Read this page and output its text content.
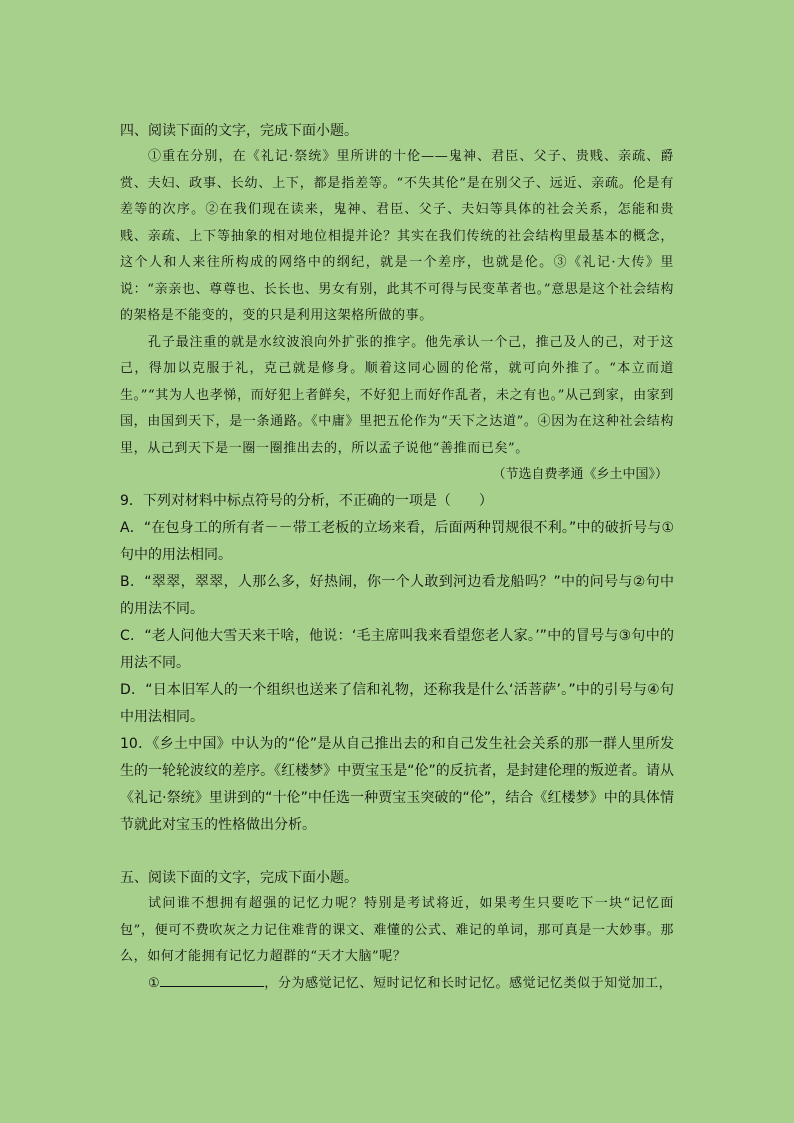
四、阅读下面的文字，完成下面小题。

①重在分别，在《礼记·祭统》里所讲的十伦——鬼神、君臣、父子、贵贱、亲疏、爵赏、夫妇、政事、长幼、上下，都是指差等。“不失其伦”是在别父子、远近、亲疏。伦是有差等的次序。②在我们现在读来，鬼神、君臣、父子、夫妇等具体的社会关系，怎能和贵贱、亲疏、上下等抽象的相对地位相提并论？其实在我们传统的社会结构里最基本的概念，这个人和人来往所构成的网络中的纲纪，就是一个差序，也就是伦。③《礼记·大传》里说：“亲亲也、尊尊也、长长也、男女有别，此其不可得与民变革者也。”意思是这个社会结构的架格是不能变的，变的只是利用这架格所做的事。

孔子最注重的就是水纹波浪向外扩张的推字。他先承认一个己，推己及人的己，对于这己，得加以克服于礼，克己就是修身。顺着这同心圆的伦常，就可向外推了。“本立而道生。”“其为人也孝悌，而好犯上者鲜矣，不好犯上而好作乱者，未之有也。”从己到家，由家到国，由国到天下，是一条通路。《中庸》里把五伦作为“天下之达道”。④因为在这种社会结构里，从己到天下是一圈一圈推出去的，所以孟子说他“善推而已矣”。

（节选自费孝通《乡土中国》）

9．下列对材料中标点符号的分析，不正确的一项是（　　）

A．“在包身工的所有者－－带工老板的立场来看，后面两种罚规很不利。”中的破折号与①句中的用法相同。

B．“翠翠，翠翠，人那么多，好热闹，你一个人敢到河边看龙船吗？”中的问号与②句中的用法不同。

C．“老人问他大雪天来干啥，他说：‘毛主席叫我来看望您老人家。’”中的冒号与③句中的用法不同。

D．“日本旧军人的一个组织也送来了信和礼物，还称我是什么‘活菩萨’。”中的引号与④句中用法相同。

10．《乡土中国》中认为的“伦”是从自己推出去的和自己发生社会关系的那一群人里所发生的一轮轮波纹的差序。《红楼梦》中贾宝玉是“伦”的反抗者，是封建伦理的叛逆者。请从《礼记·祭统》里讲到的“十伦”中任选一种贾宝玉突破的“伦”，结合《红楼梦》中的具体情节就此对宝玉的性格做出分析。

五、阅读下面的文字，完成下面小题。

试问谁不想拥有超强的记忆力呢？特别是考试将近，如果考生只要吃下一块“记忆面包”，便可不费吹灰之力记住难背的课文、难懂的公式、难记的单词，那可真是一大妙事。那么，如何才能拥有记忆力超群的“天才大脑”呢？

①	，分为感觉记忆、短时记忆和长时记忆。感觉记忆类似于知觉加工，
